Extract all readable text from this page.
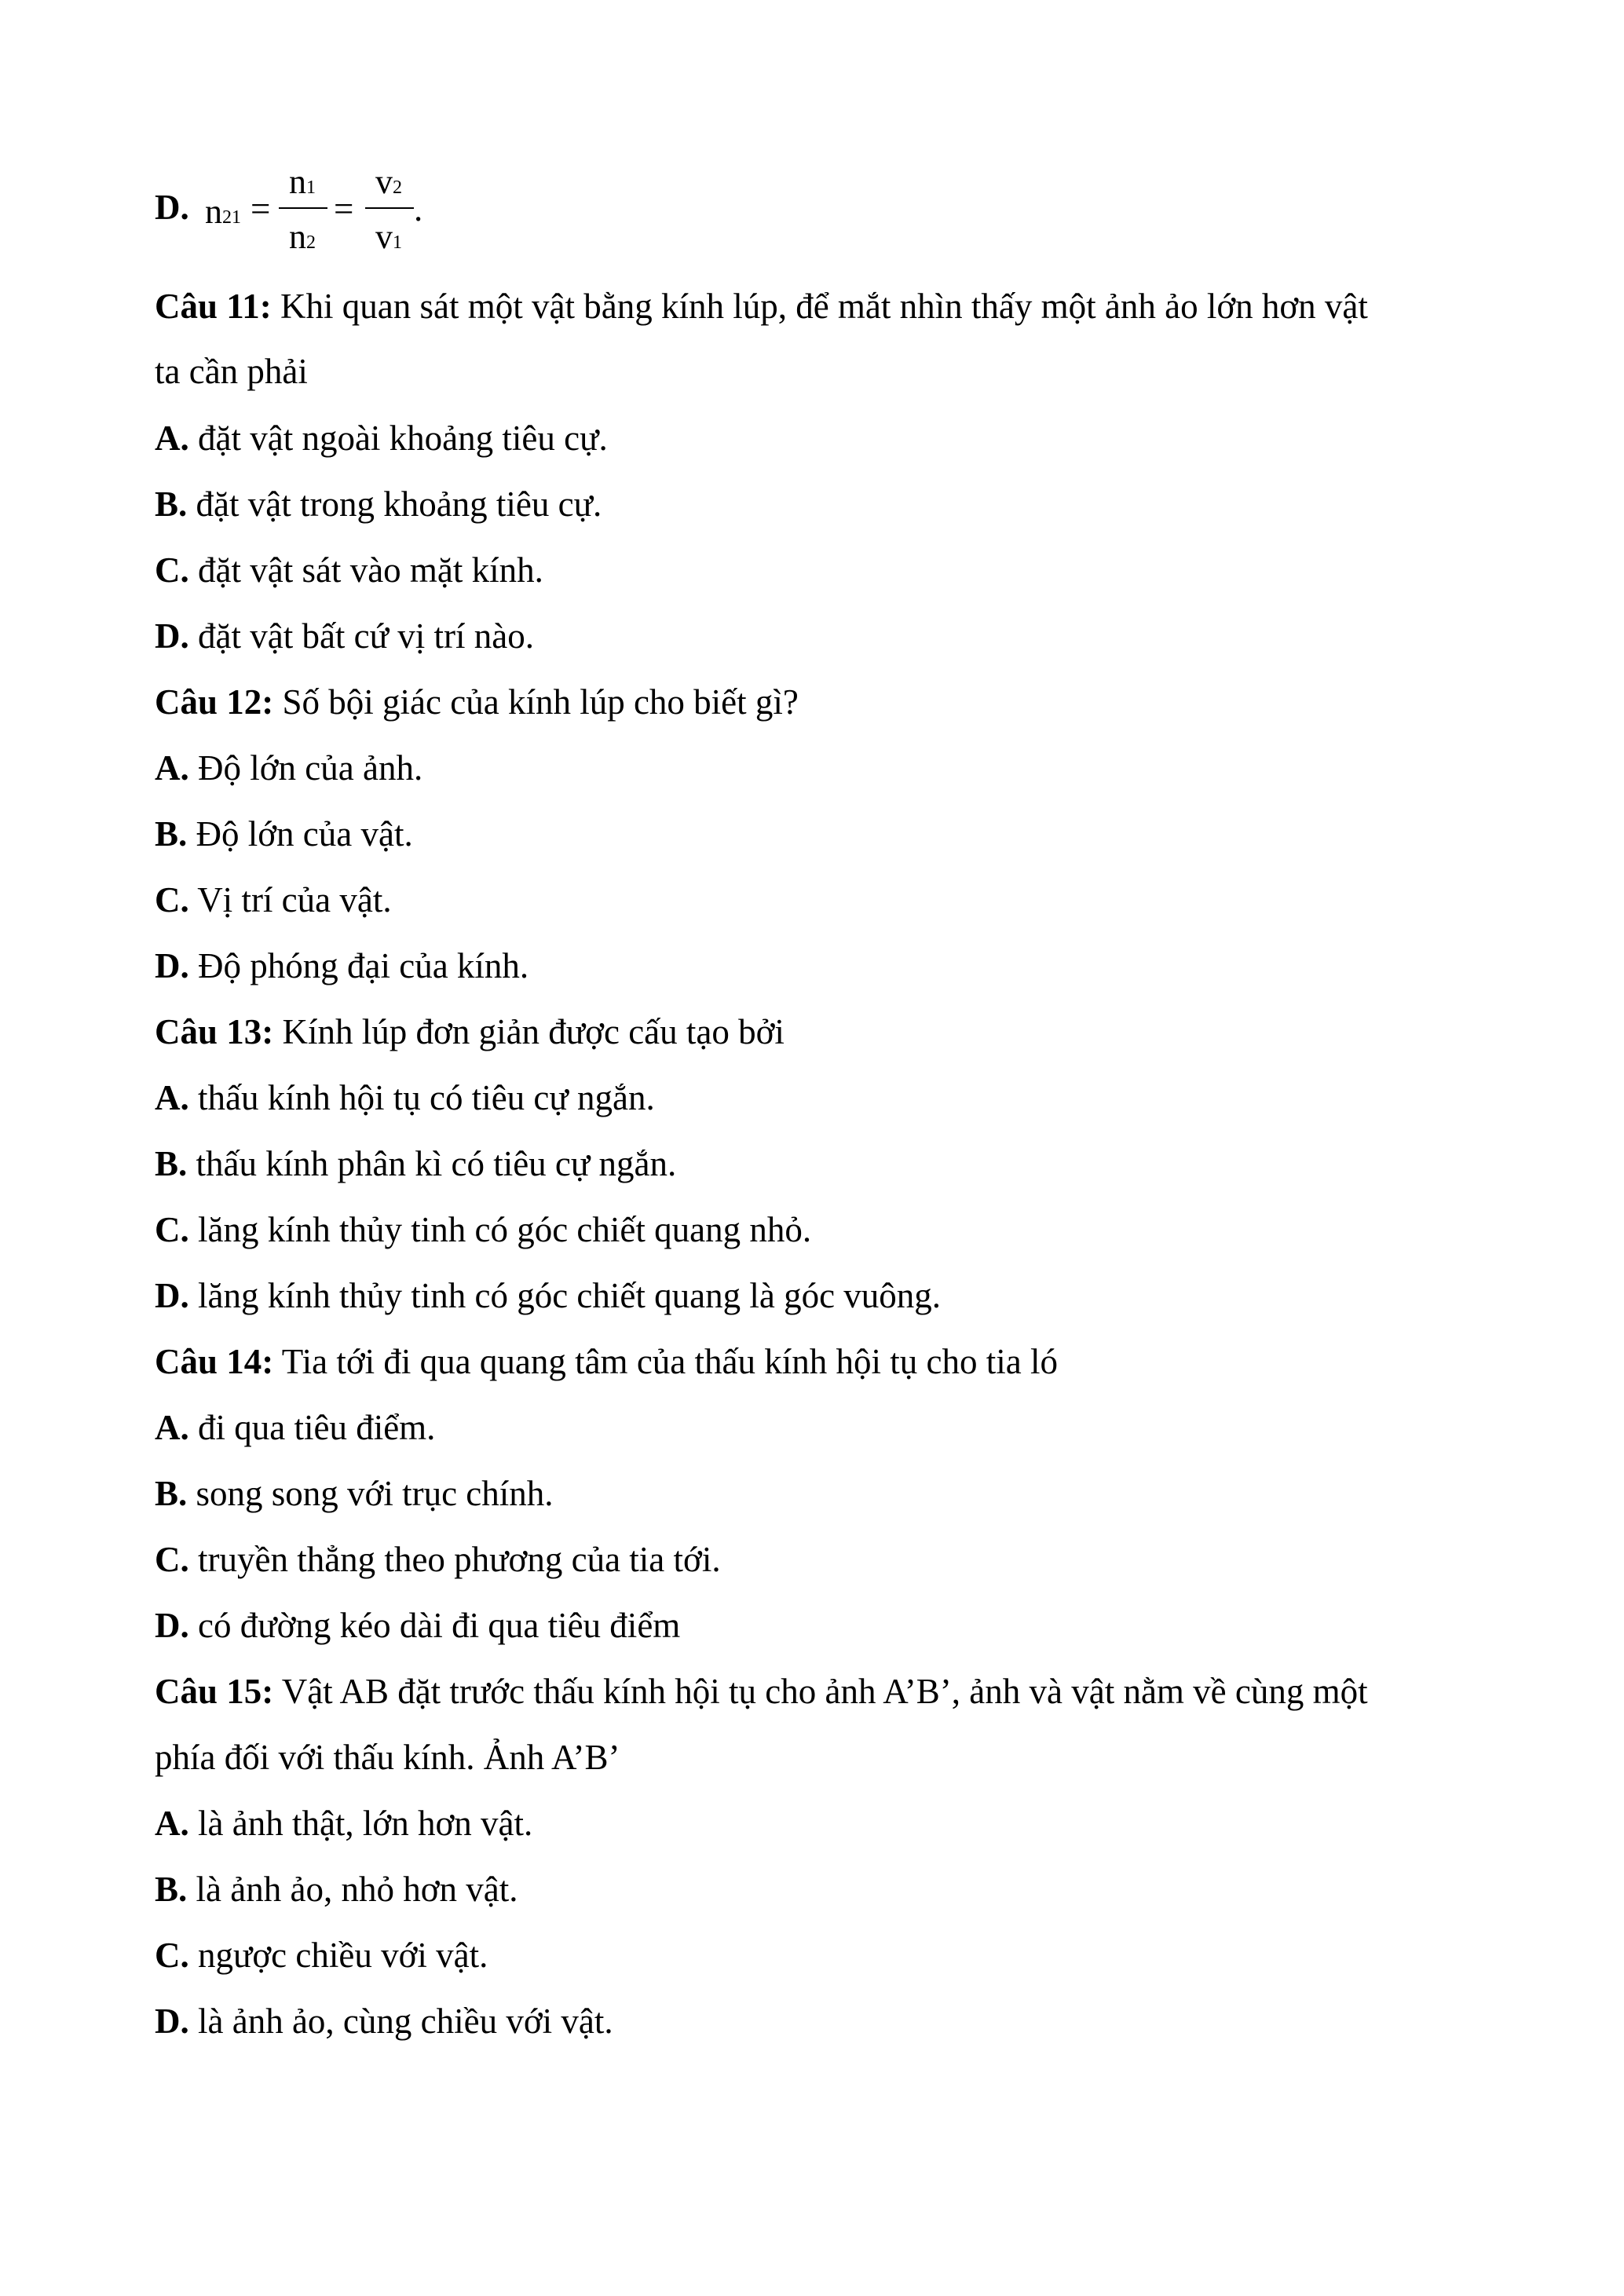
D. n21 =
n1
n2
=
v2
v1
.
Câu 11: Khi quan sát một vật bằng kính lúp, để mắt nhìn thấy một ảnh ảo lớn hơn vật
ta cần phải
A. đặt vật ngoài khoảng tiêu cự.
B. đặt vật trong khoảng tiêu cự.
C. đặt vật sát vào mặt kính.
D. đặt vật bất cứ vị trí nào.
Câu 12: Số bội giác của kính lúp cho biết gì?
A. Độ lớn của ảnh.
B. Độ lớn của vật.
C. Vị trí của vật.
D. Độ phóng đại của kính.
Câu 13: Kính lúp đơn giản được cấu tạo bởi
A. thấu kính hội tụ có tiêu cự ngắn.
B. thấu kính phân kì có tiêu cự ngắn.
C. lăng kính thủy tinh có góc chiết quang nhỏ.
D. lăng kính thủy tinh có góc chiết quang là góc vuông.
Câu 14: Tia tới đi qua quang tâm của thấu kính hội tụ cho tia ló
A. đi qua tiêu điểm.
B. song song với trục chính.
C. truyền thẳng theo phương của tia tới.
D. có đường kéo dài đi qua tiêu điểm
Câu 15: Vật AB đặt trước thấu kính hội tụ cho ảnh A’B’, ảnh và vật nằm về cùng một
phía đối với thấu kính. Ảnh A’B’
A. là ảnh thật, lớn hơn vật.
B. là ảnh ảo, nhỏ hơn vật.
C. ngược chiều với vật.
D. là ảnh ảo, cùng chiều với vật.
